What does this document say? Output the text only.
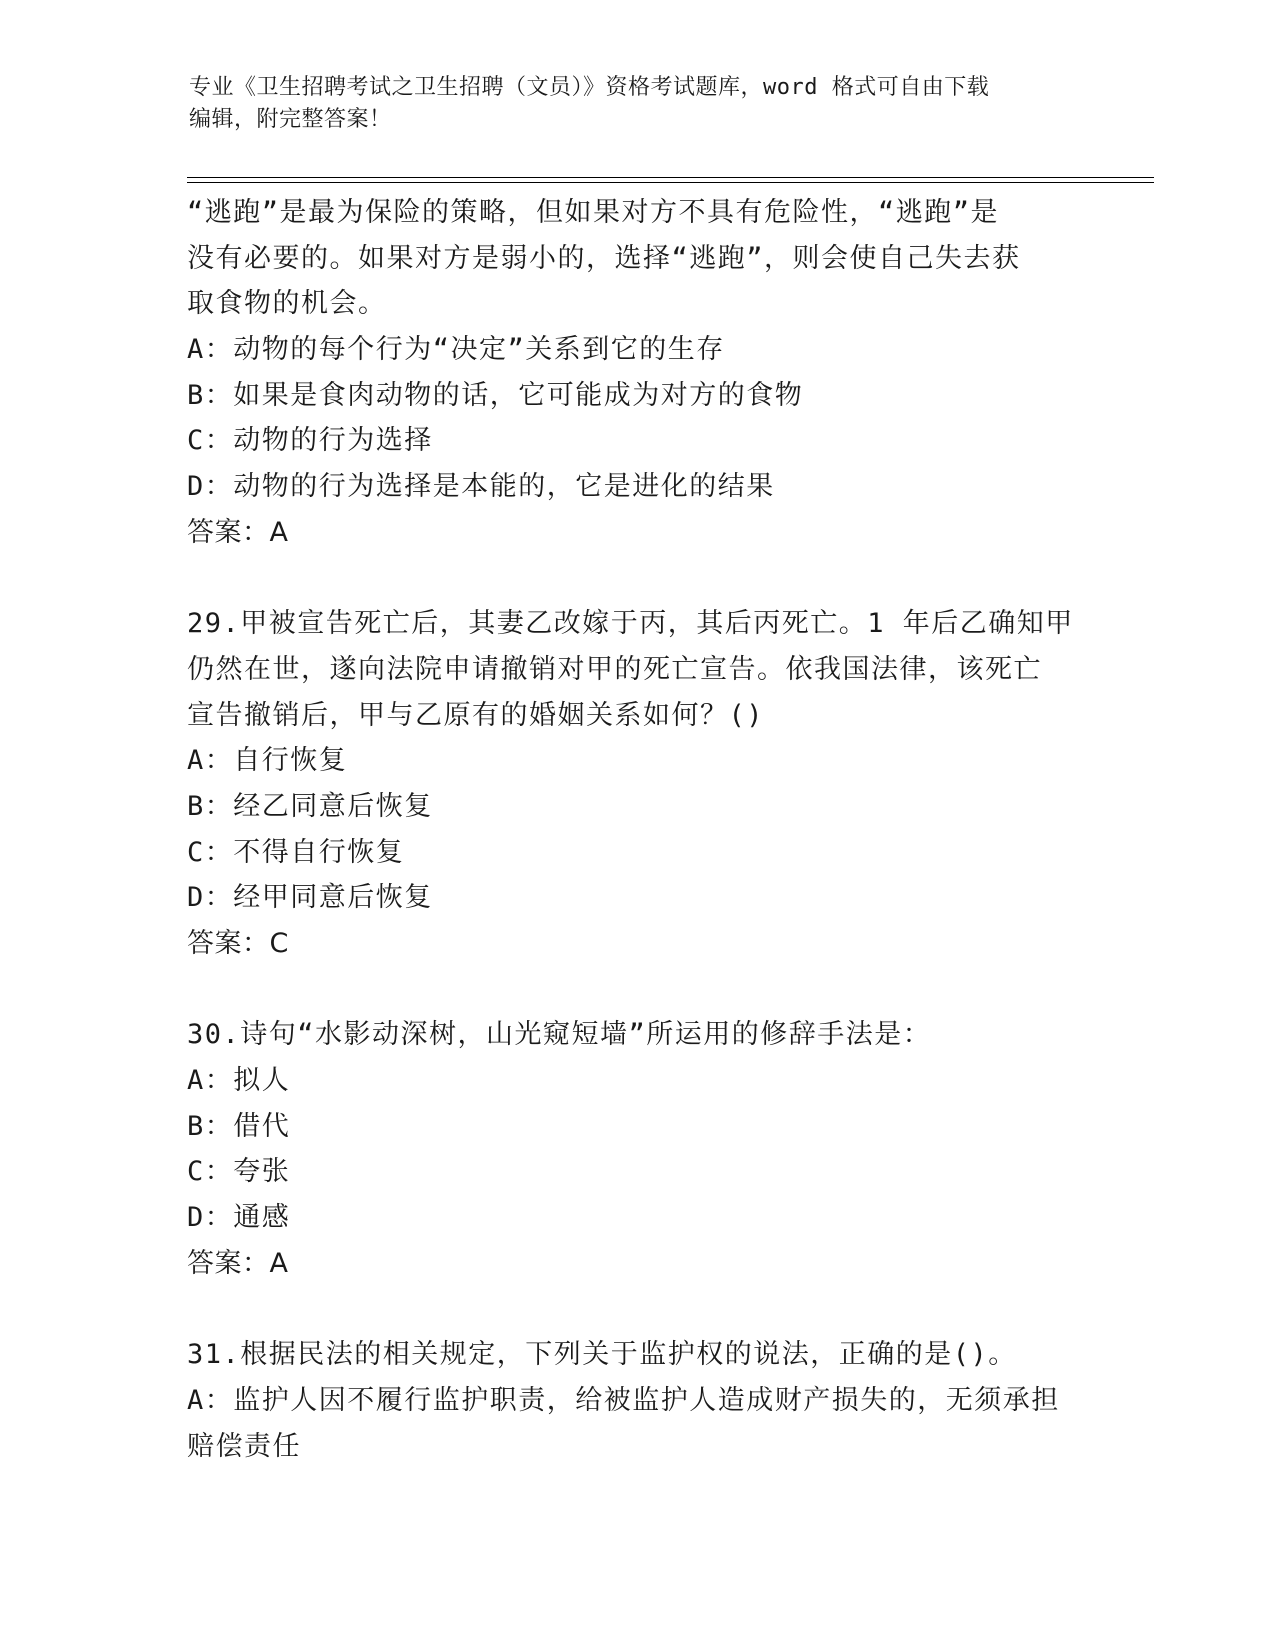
专业《卫生招聘考试之卫生招聘（文员）》资格考试题库，word 格式可自由下载
编辑，附完整答案！
“逃跑”是最为保险的策略，但如果对方不具有危险性，“逃跑”是
没有必要的。如果对方是弱小的，选择“逃跑”，则会使自己失去获
取食物的机会。
A：动物的每个行为“决定”关系到它的生存
B：如果是食肉动物的话，它可能成为对方的食物
C：动物的行为选择
D：动物的行为选择是本能的，它是进化的结果
答案：A
29.甲被宣告死亡后，其妻乙改嫁于丙，其后丙死亡。1 年后乙确知甲
仍然在世，遂向法院申请撤销对甲的死亡宣告。依我国法律，该死亡
宣告撤销后，甲与乙原有的婚姻关系如何？()
A：自行恢复
B：经乙同意后恢复
C：不得自行恢复
D：经甲同意后恢复
答案：C
30.诗句“水影动深树，山光窥短墙”所运用的修辞手法是：
A：拟人
B：借代
C：夸张
D：通感
答案：A
31.根据民法的相关规定，下列关于监护权的说法，正确的是()。
A：监护人因不履行监护职责，给被监护人造成财产损失的，无须承担
赔偿责任
